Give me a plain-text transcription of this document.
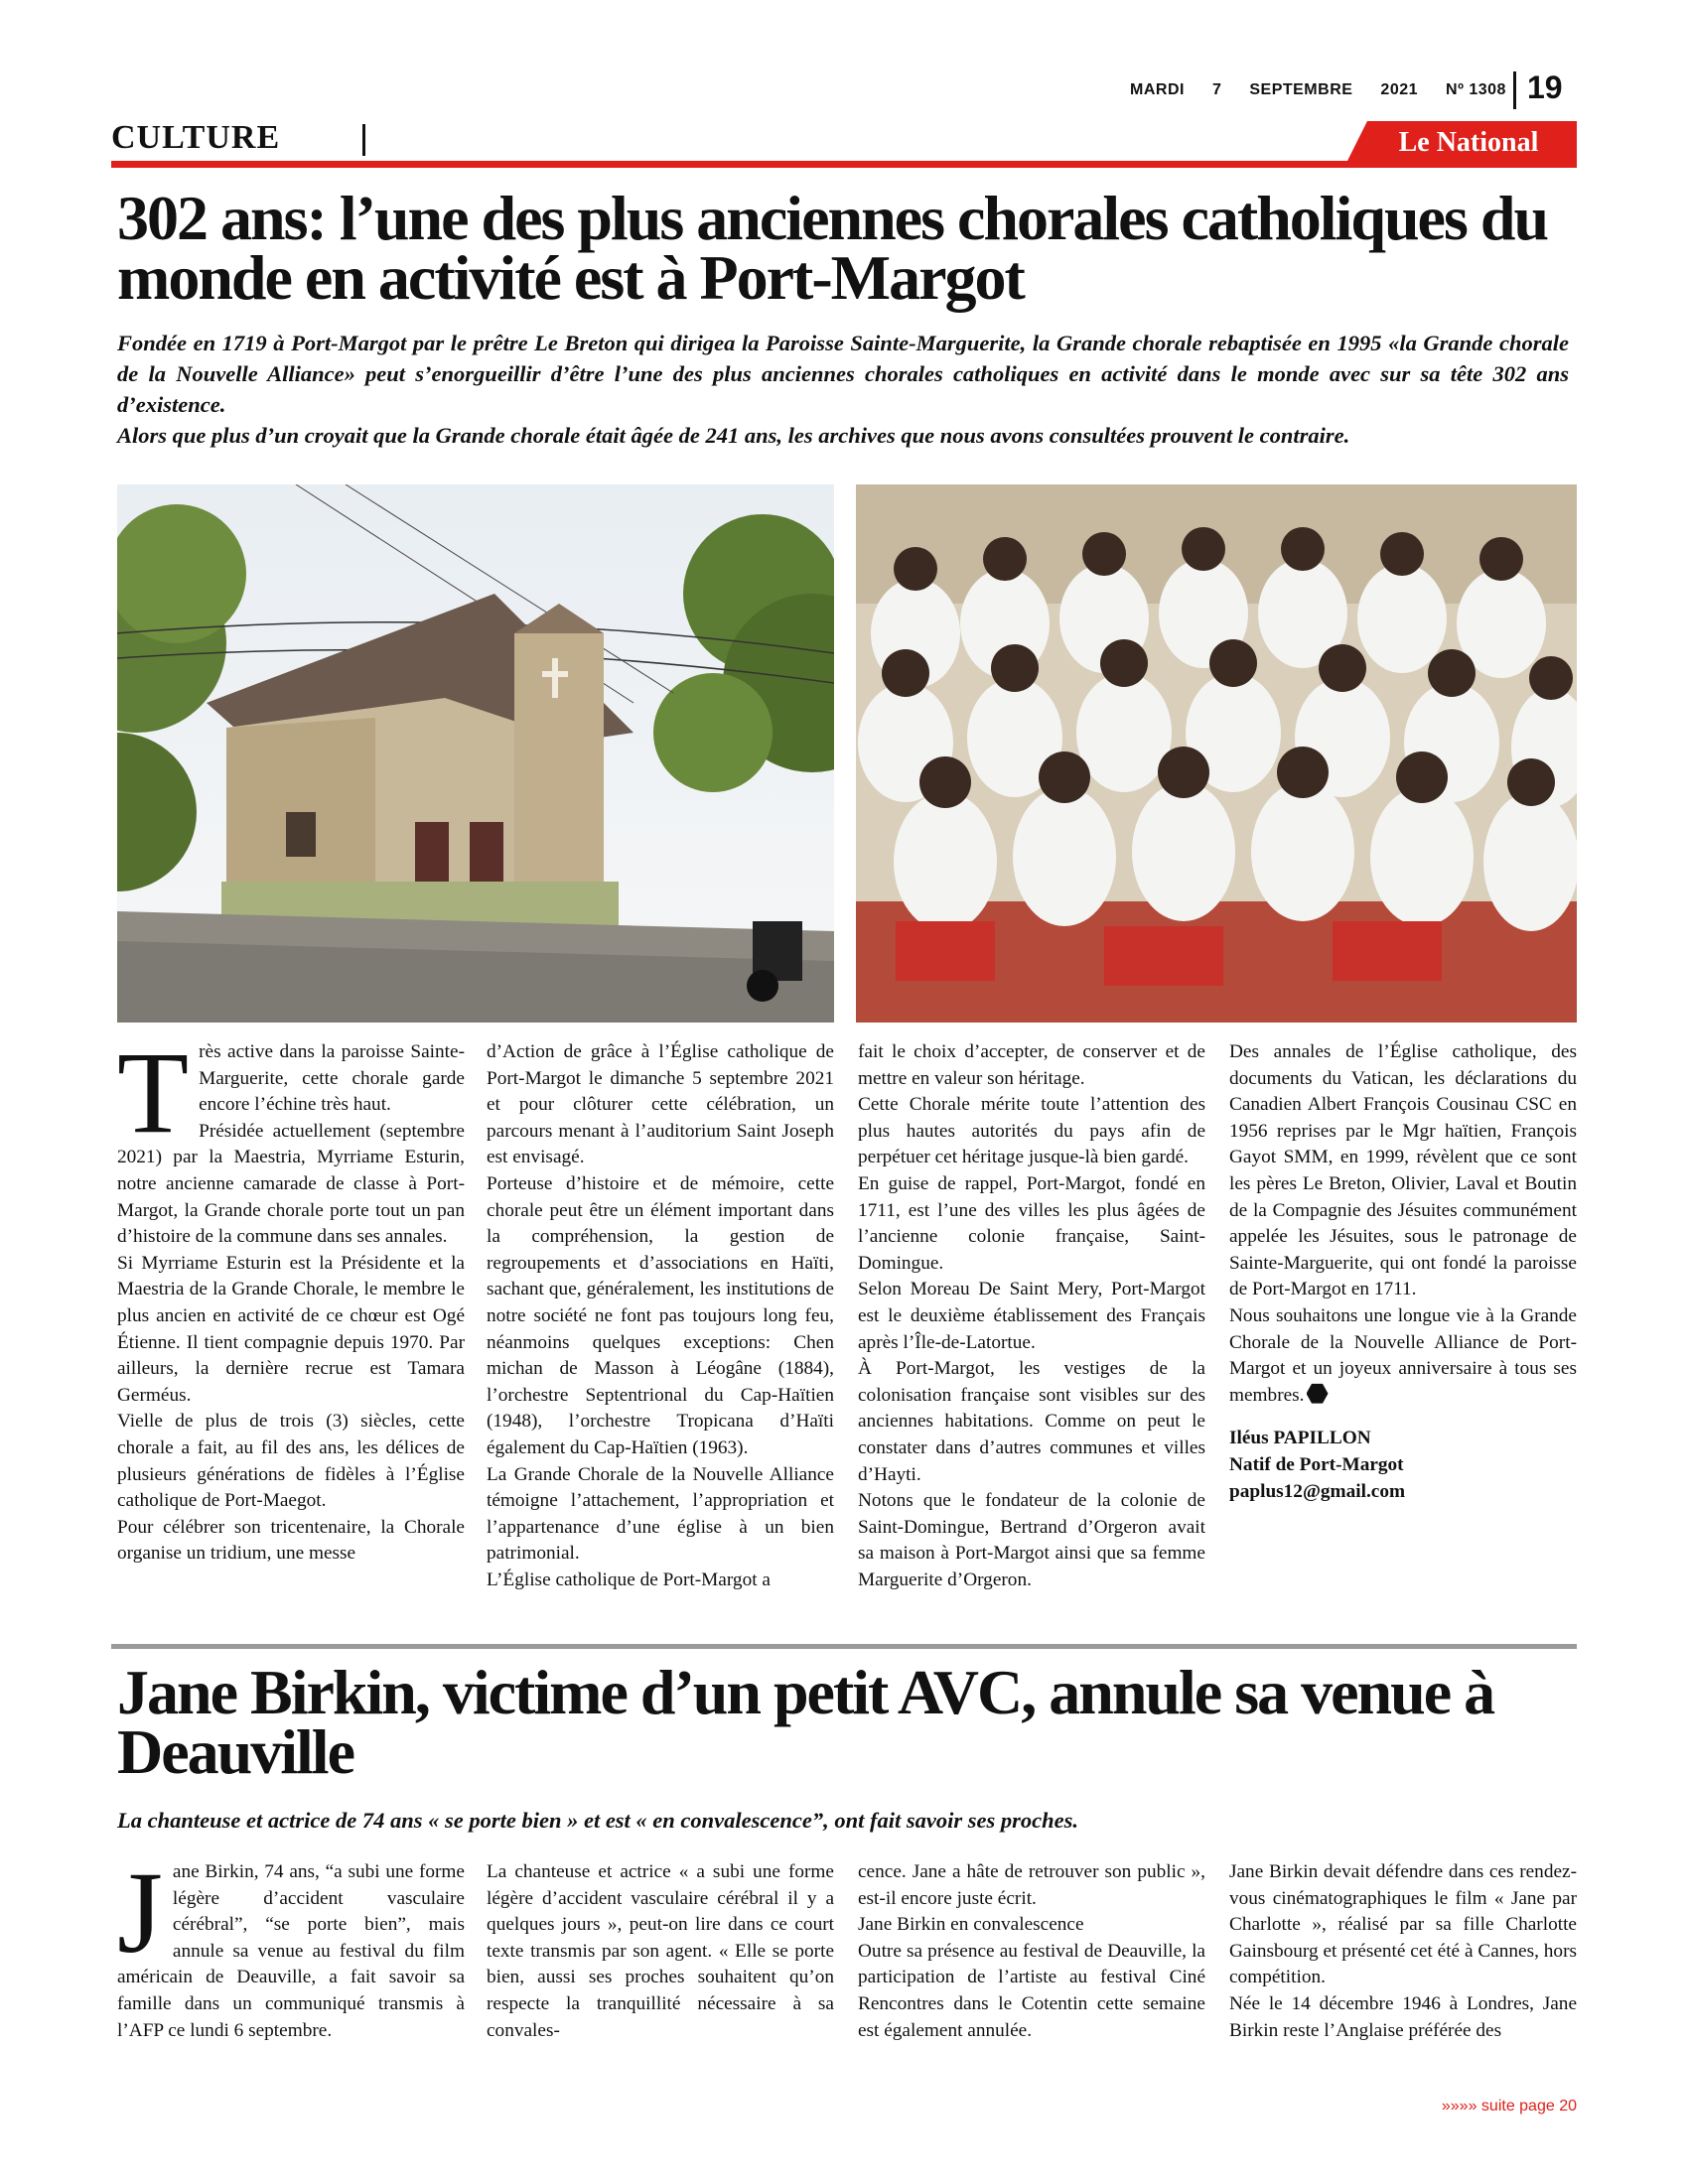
MARDI 7 SEPTEMBRE 2021 Nº 1308 19
CULTURE	Le National
302 ans: l’une des plus anciennes chorales catholiques du monde en activité est à Port-Margot

Fondée en 1719 à Port-Margot par le prêtre Le Breton qui dirigea la Paroisse Sainte-Marguerite, la Grande chorale rebaptisée en 1995 «la Grande chorale de la Nouvelle Alliance» peut s’enorgueillir d’être l’une des plus anciennes chorales catholiques en activité dans le monde avec sur sa tête 302 ans d’existence.

Alors que plus d’un croyait que la Grande chorale était âgée de 241 ans, les archives que nous avons consultées prouvent le contraire.

Très active dans la paroisse Sainte-Marguerite, cette chorale garde encore l’échine très haut.

Présidée actuellement (septembre 2021) par la Maestria, Myrriame Esturin, notre ancienne camarade de classe à Port-Margot, la Grande chorale porte tout un pan d’histoire de la commune dans ses annales.

Si Myrriame Esturin est la Présidente et la Maestria de la Grande Chorale, le membre le plus ancien en activité de ce chœur est Ogé Étienne. Il tient compagnie depuis 1970. Par ailleurs, la dernière recrue est Tamara Germéus.

Vielle de plus de trois (3) siècles, cette chorale a fait, au fil des ans, les délices de plusieurs générations de fidèles à l’Église catholique de Port-Maegot.

Pour célébrer son tricentenaire, la Chorale organise un tridium, une messe

d’Action de grâce à l’Église catholique de Port-Margot le dimanche 5 septembre 2021 et pour clôturer cette célébration, un parcours menant à l’auditorium Saint Joseph est envisagé.

Porteuse d’histoire et de mémoire, cette chorale peut être un élément important dans la compréhension, la gestion de regroupements et d’associations en Haïti, sachant que, généralement, les institutions de notre société ne font pas toujours long feu, néanmoins quelques exceptions: Chen michan de Masson à Léogâne (1884), l’orchestre Septentrional du Cap-Haïtien (1948), l’orchestre Tropicana d’Haïti également du Cap-Haïtien (1963).

La Grande Chorale de la Nouvelle Alliance témoigne l’attachement, l’appropriation et l’appartenance d’une église à un bien patrimonial.

L’Église catholique de Port-Margot a

fait le choix d’accepter, de conserver et de mettre en valeur son héritage.

Cette Chorale mérite toute l’attention des plus hautes autorités du pays afin de perpétuer cet héritage jusque-là bien gardé.

En guise de rappel, Port-Margot, fondé en 1711, est l’une des villes les plus âgées de l’ancienne colonie française, Saint-Domingue.

Selon Moreau De Saint Mery, Port-Margot est le deuxième établissement des Français après l’Île-de-Latortue.

À Port-Margot, les vestiges de la colonisation française sont visibles sur des anciennes habitations. Comme on peut le constater dans d’autres communes et villes d’Hayti.

Notons que le fondateur de la colonie de Saint-Domingue, Bertrand d’Orgeron avait sa maison à Port-Margot ainsi que sa femme Marguerite d’Orgeron.

Des annales de l’Église catholique, des documents du Vatican, les déclarations du Canadien Albert François Cousinau CSC en 1956 reprises par le Mgr haïtien, François Gayot SMM, en 1999, révèlent que ce sont les pères Le Breton, Olivier, Laval et Boutin de la Compagnie des Jésuites communément appelée les Jésuites, sous le patronage de Sainte-Marguerite, qui ont fondé la paroisse de Port-Margot en 1711.

Nous souhaitons une longue vie à la Grande Chorale de la Nouvelle Alliance de Port-Margot et un joyeux anniversaire à tous ses membres.

Iléus PAPILLON
Natif de Port-Margot
paplus12@gmail.com
Jane Birkin, victime d’un petit AVC, annule sa venue à Deauville
La chanteuse et actrice de 74 ans « se porte bien » et est « en convalescence”, ont fait savoir ses proches.

Jane Birkin, 74 ans, “a subi une forme légère d’accident vasculaire cérébral”, “se porte bien”, mais annule sa venue au festival du film américain de Deauville, a fait savoir sa famille dans un communiqué transmis à l’AFP ce lundi 6 septembre.

La chanteuse et actrice « a subi une forme légère d’accident vasculaire cérébral il y a quelques jours », peut-on lire dans ce court texte transmis par son agent. « Elle se porte bien, aussi ses proches souhaitent qu’on respecte la tranquillité nécessaire à sa convales-

cence. Jane a hâte de retrouver son public », est-il encore juste écrit.

Jane Birkin en convalescence

Outre sa présence au festival de Deauville, la participation de l’artiste au festival Ciné Rencontres dans le Cotentin cette semaine est également annulée.

Jane Birkin devait défendre dans ces rendez-vous cinématographiques le film « Jane par Charlotte », réalisé par sa fille Charlotte Gainsbourg et présenté cet été à Cannes, hors compétition.

Née le 14 décembre 1946 à Londres, Jane Birkin reste l’Anglaise préférée des

»»»» suite page 20
